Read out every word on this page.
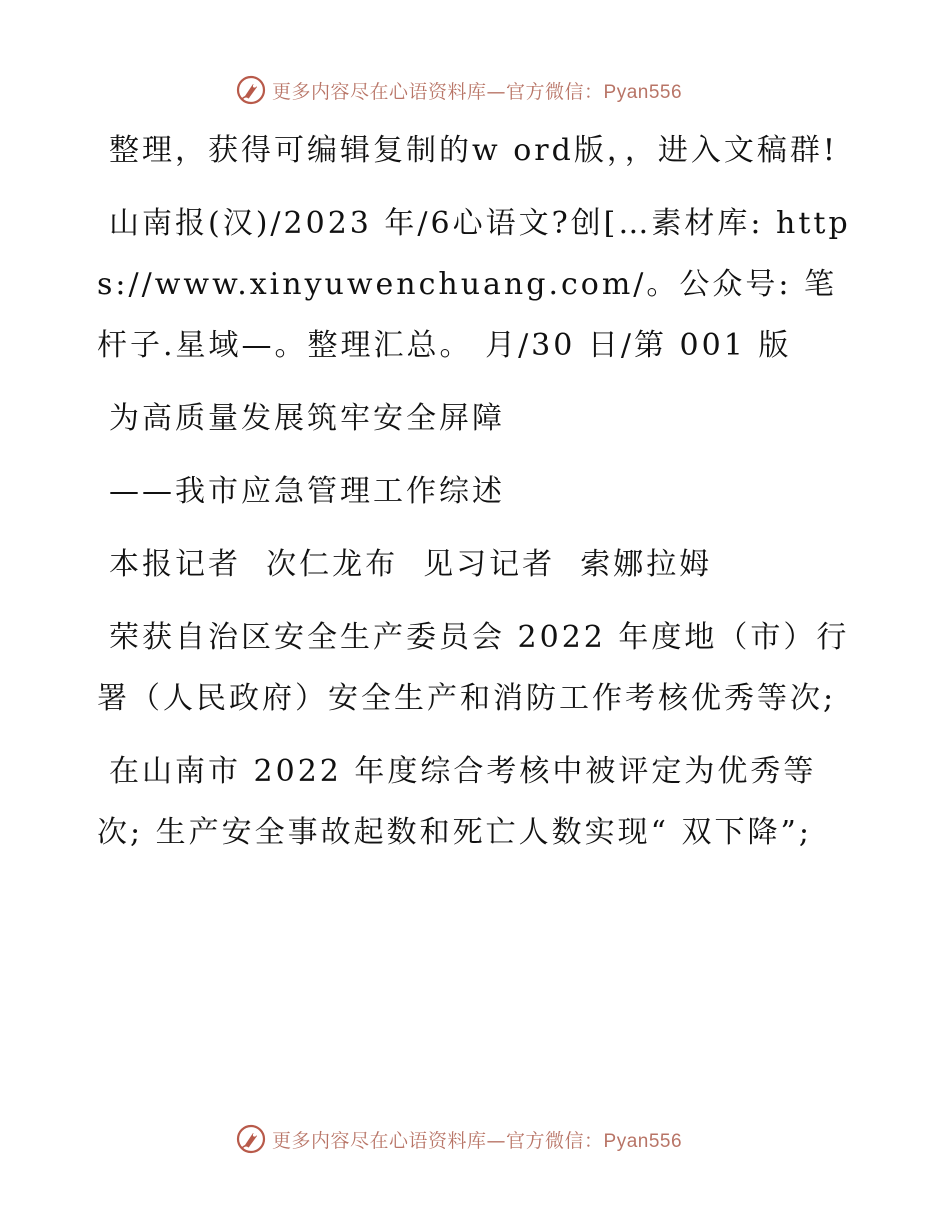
更多内容尽在心语资料库—官方微信：Pyan556

整理，获得可编辑复制的w ord版，，进入文稿群!

山南报(汉)/2023 年/6心语文?创[…素材库: https://www.xinyuwenchuang.com/。公众号: 笔杆子.星域—。整理汇总。 月/30 日/第 001 版

为高质量发展筑牢安全屏障

——我市应急管理工作综述

本报记者  次仁龙布  见习记者  索娜拉姆

荣获自治区安全生产委员会 2022 年度地（市）行署（人民政府）安全生产和消防工作考核优秀等次;

在山南市 2022 年度综合考核中被评定为优秀等次; 生产安全事故起数和死亡人数实现“ 双下降”;

更多内容尽在心语资料库—官方微信：Pyan556
